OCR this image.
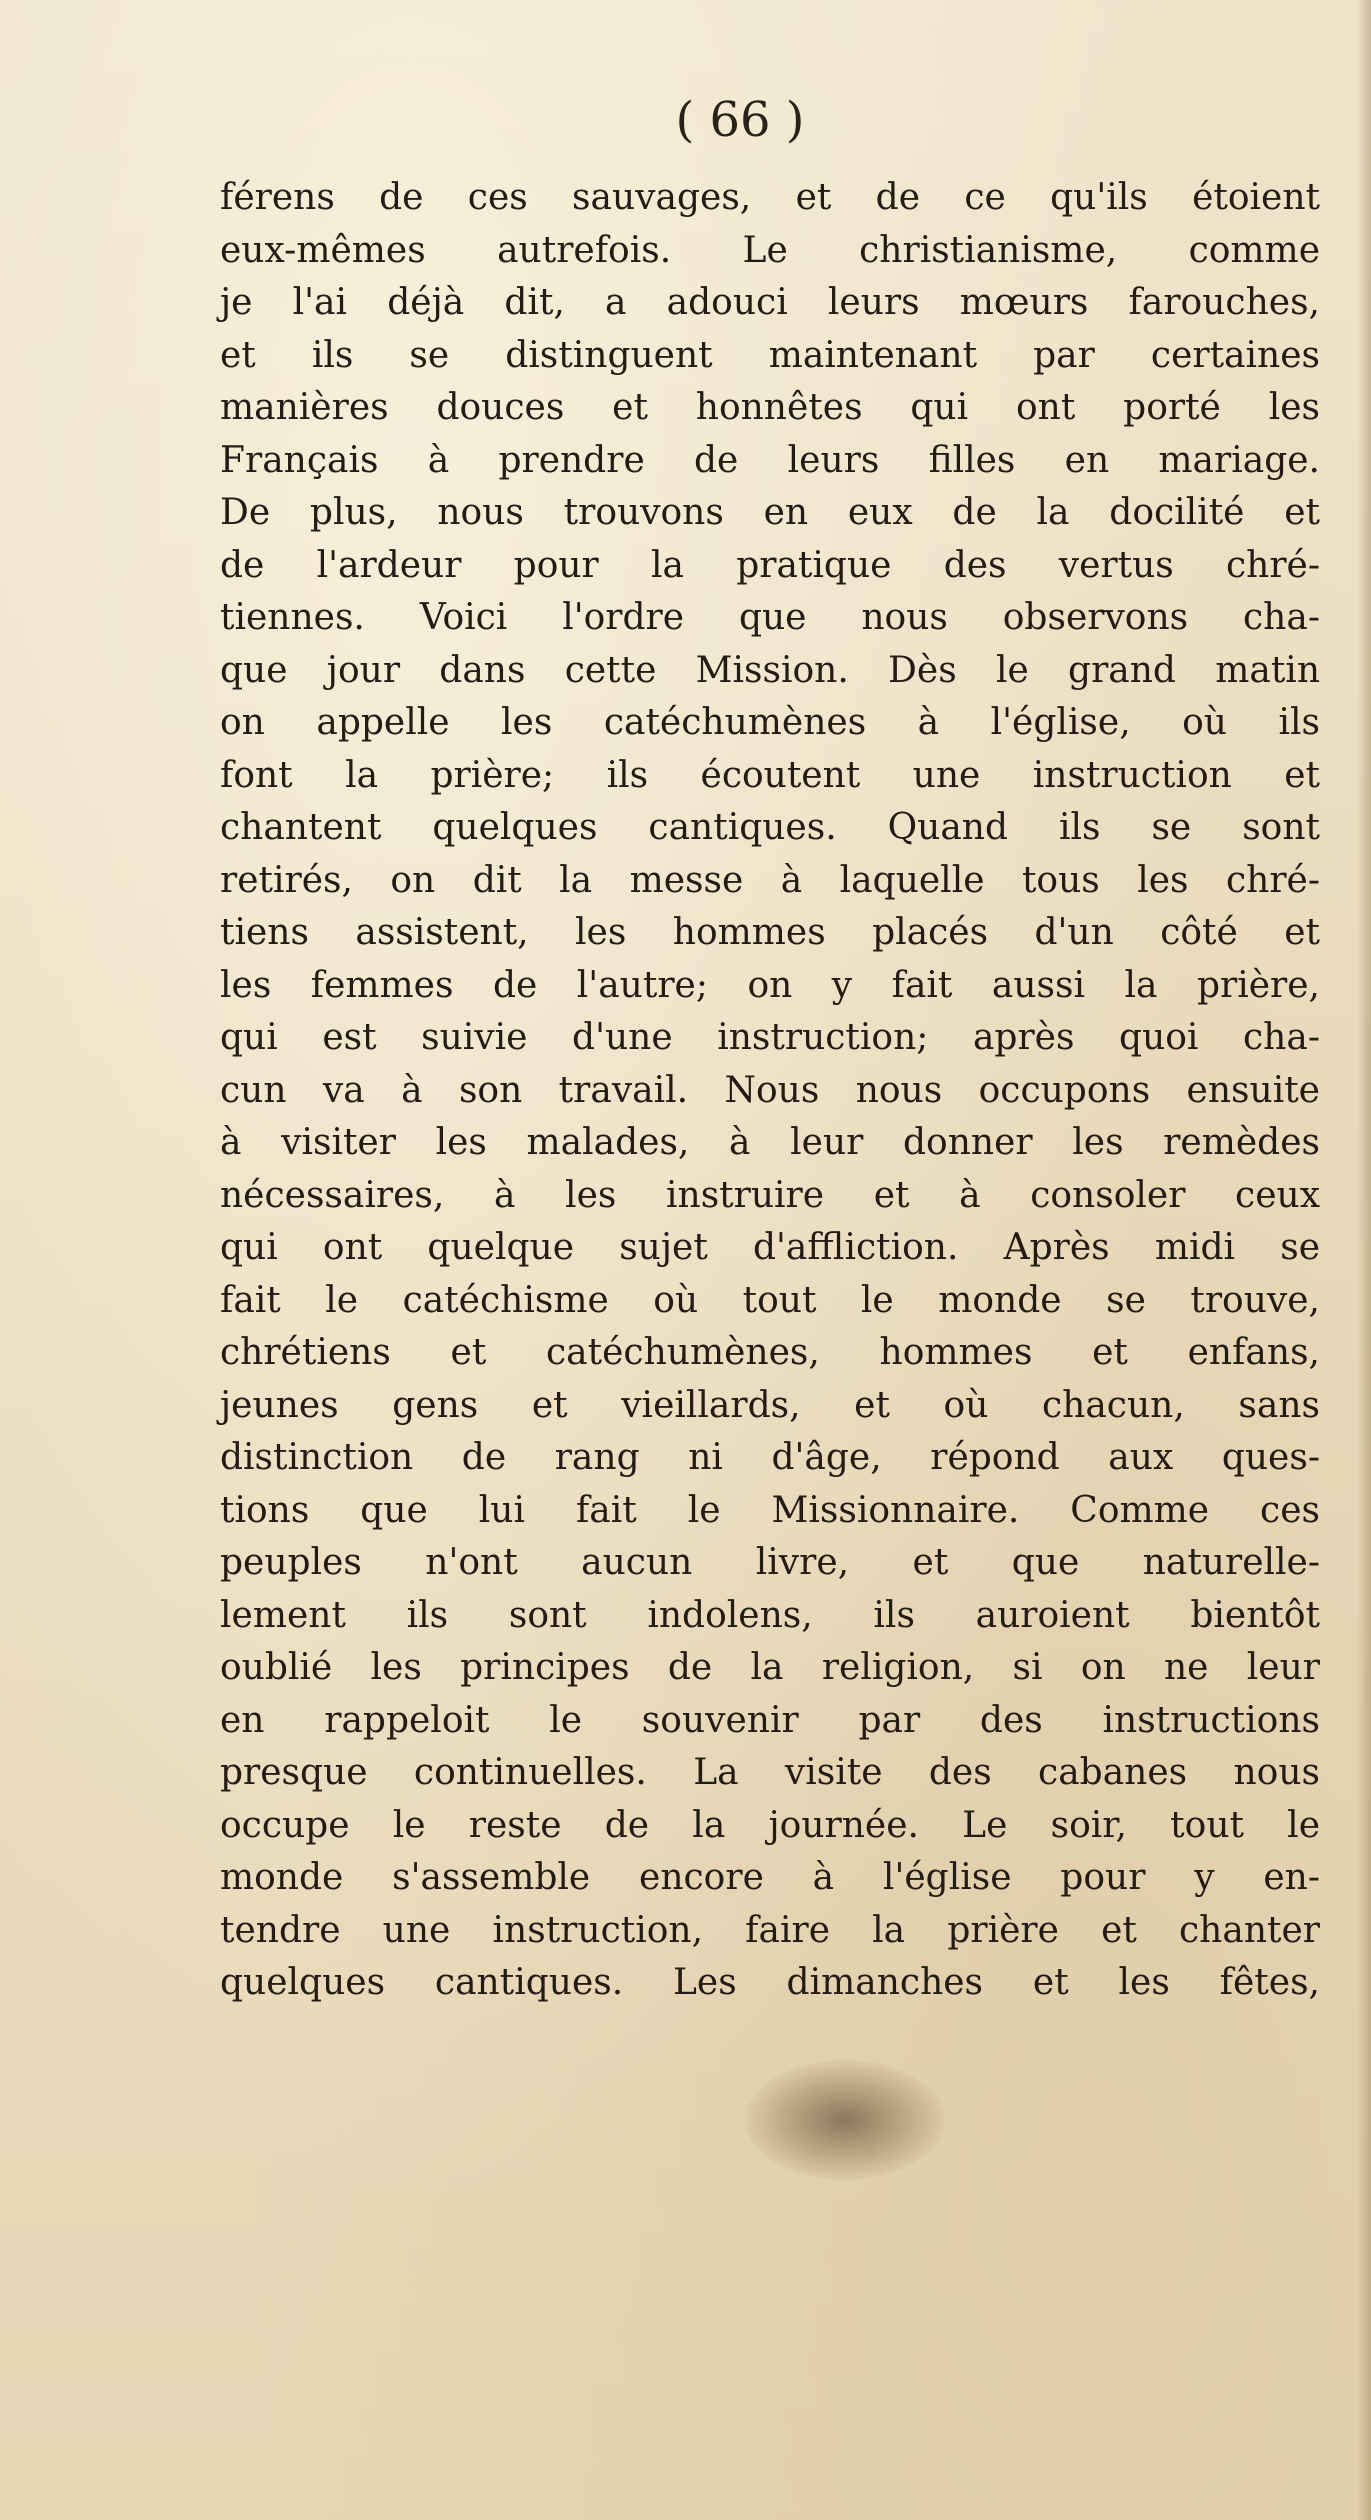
( 66 )
férens de ces sauvages, et de ce qu'ils étoient
eux-mêmes autrefois. Le christianisme, comme
je l'ai déjà dit, a adouci leurs mœurs farouches,
et ils se distinguent maintenant par certaines
manières douces et honnêtes qui ont porté les
Français à prendre de leurs filles en mariage.
De plus, nous trouvons en eux de la docilité et
de l'ardeur pour la pratique des vertus chré-
tiennes. Voici l'ordre que nous observons cha-
que jour dans cette Mission. Dès le grand matin
on appelle les catéchumènes à l'église, où ils
font la prière; ils écoutent une instruction et
chantent quelques cantiques. Quand ils se sont
retirés, on dit la messe à laquelle tous les chré-
tiens assistent, les hommes placés d'un côté et
les femmes de l'autre; on y fait aussi la prière,
qui est suivie d'une instruction; après quoi cha-
cun va à son travail. Nous nous occupons ensuite
à visiter les malades, à leur donner les remèdes
nécessaires, à les instruire et à consoler ceux
qui ont quelque sujet d'affliction. Après midi se
fait le catéchisme où tout le monde se trouve,
chrétiens et catéchumènes, hommes et enfans,
jeunes gens et vieillards, et où chacun, sans
distinction de rang ni d'âge, répond aux ques-
tions que lui fait le Missionnaire. Comme ces
peuples n'ont aucun livre, et que naturelle-
lement ils sont indolens, ils auroient bientôt
oublié les principes de la religion, si on ne leur
en rappeloit le souvenir par des instructions
presque continuelles. La visite des cabanes nous
occupe le reste de la journée. Le soir, tout le
monde s'assemble encore à l'église pour y en-
tendre une instruction, faire la prière et chanter
quelques cantiques. Les dimanches et les fêtes,
